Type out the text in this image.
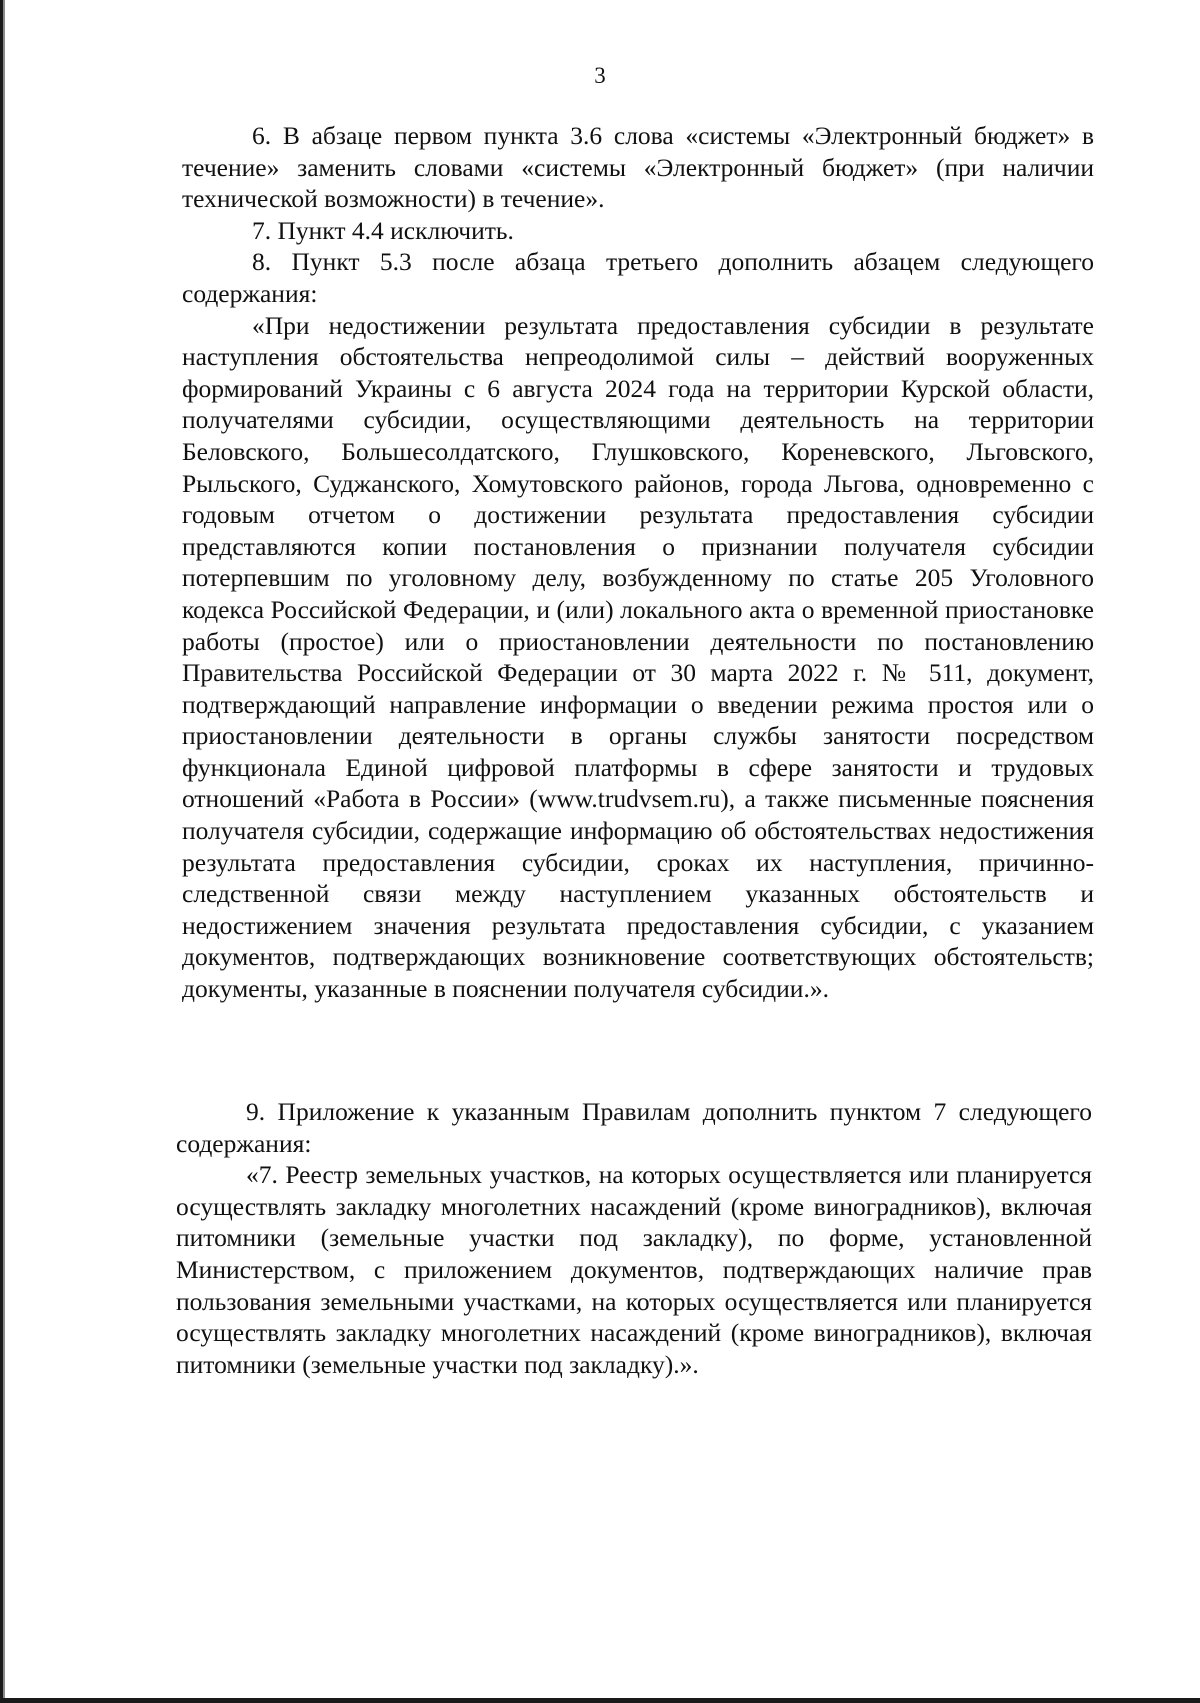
3

6. В абзаце первом пункта 3.6 слова «системы «Электронный бюджет» в течение» заменить словами «системы «Электронный бюджет» (при наличии технической возможности) в течение».

7. Пункт 4.4 исключить.

8. Пункт 5.3 после абзаца третьего дополнить абзацем следующего содержания:

«При недостижении результата предоставления субсидии в результате наступления обстоятельства непреодолимой силы – действий вооруженных формирований Украины с 6 августа 2024 года на территории Курской области, получателями субсидии, осуществляющими деятельность на территории Беловского, Большесолдатского, Глушковского, Кореневского, Льговского, Рыльского, Суджанского, Хомутовского районов, города Льгова, одновременно с годовым отчетом о достижении результата предоставления субсидии представляются копии постановления о признании получателя субсидии потерпевшим по уголовному делу, возбужденному по статье 205 Уголовного кодекса Российской Федерации, и (или) локального акта о временной приостановке работы (простое) или о приостановлении деятельности по постановлению Правительства Российской Федерации от 30 марта 2022 г. № 511, документ, подтверждающий направление информации о введении режима простоя или о приостановлении деятельности в органы службы занятости посредством функционала Единой цифровой платформы в сфере занятости и трудовых отношений «Работа в России» (www.trudvsem.ru), а также письменные пояснения получателя субсидии, содержащие информацию об обстоятельствах недостижения результата предоставления субсидии, сроках их наступления, причинно-следственной связи между наступлением указанных обстоятельств и недостижением значения результата предоставления субсидии, с указанием документов, подтверждающих возникновение соответствующих обстоятельств; документы, указанные в пояснении получателя субсидии.».

9. Приложение к указанным Правилам дополнить пунктом 7 следующего содержания:

«7. Реестр земельных участков, на которых осуществляется или планируется осуществлять закладку многолетних насаждений (кроме виноградников), включая питомники (земельные участки под закладку), по форме, установленной Министерством, с приложением документов, подтверждающих наличие прав пользования земельными участками, на которых осуществляется или планируется осуществлять закладку многолетних насаждений (кроме виноградников), включая питомники (земельные участки под закладку).».
